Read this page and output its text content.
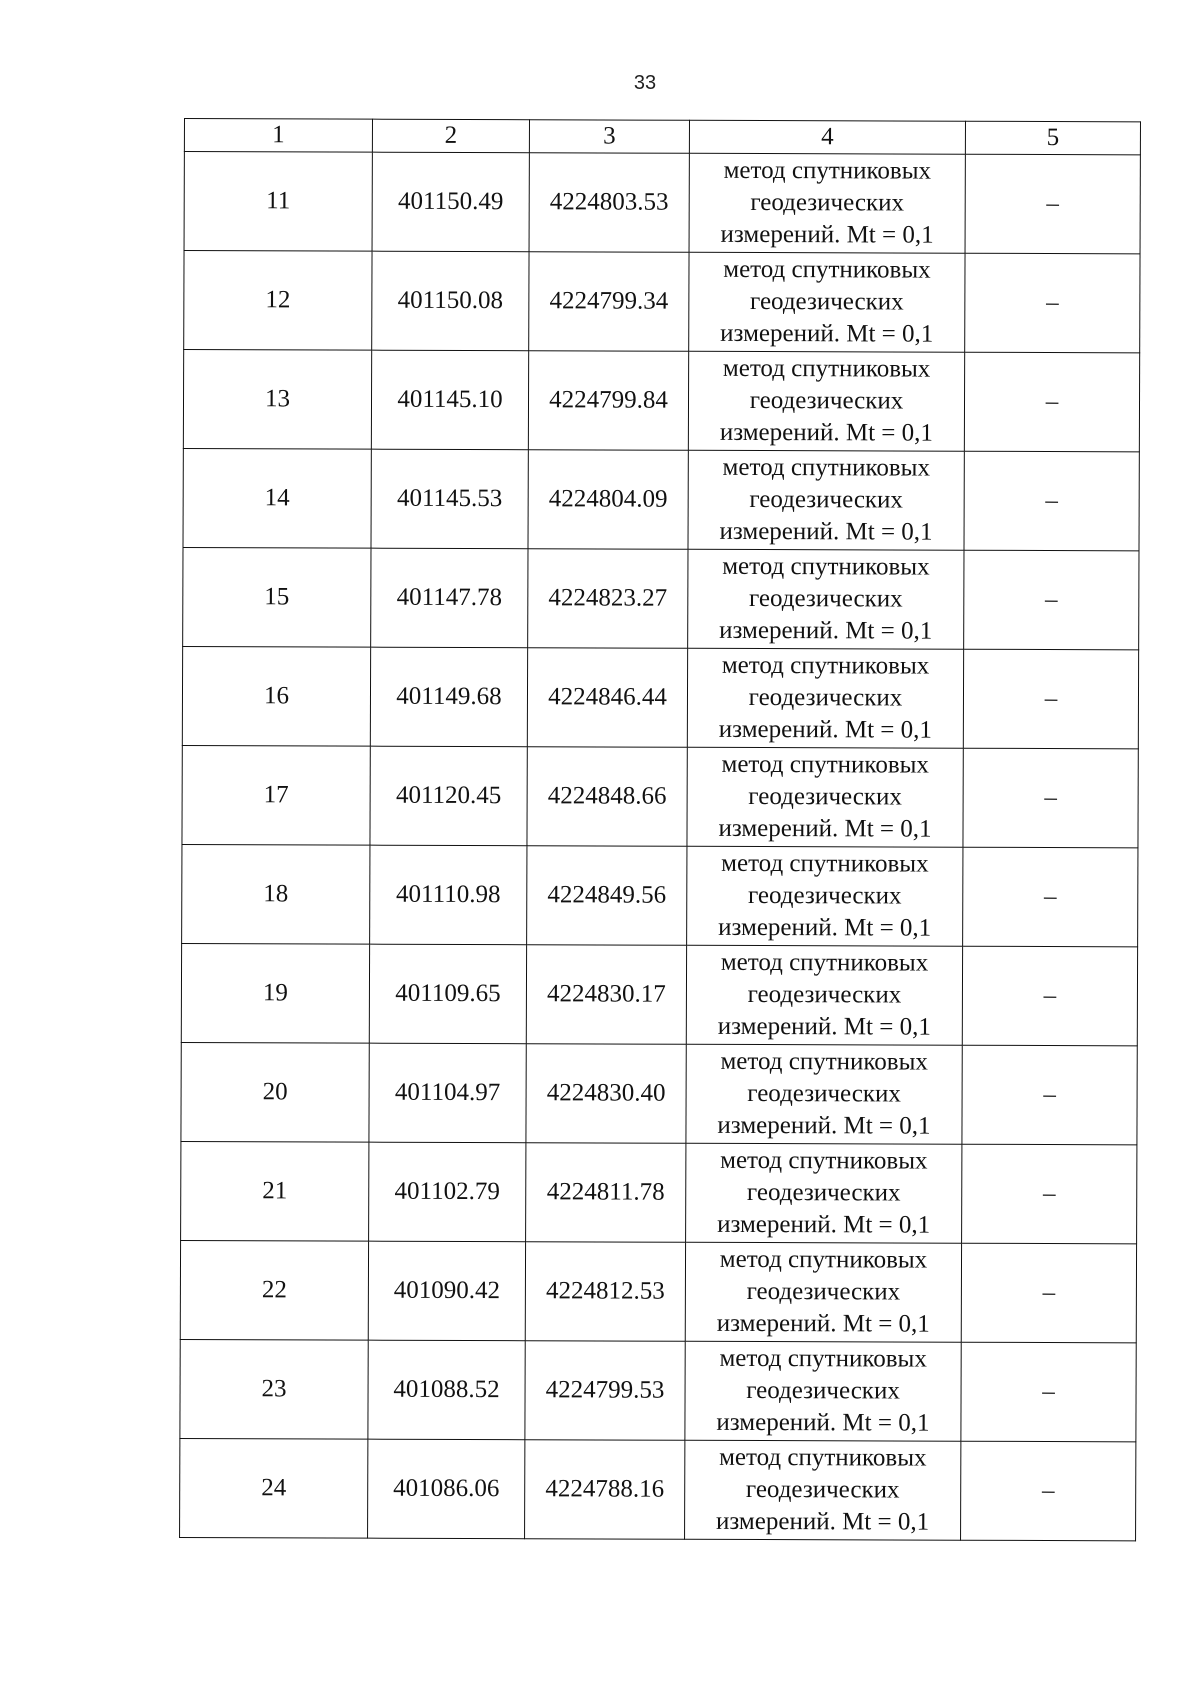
33
1	2	3	4	5
11	401150.49	4224803.53	метод спутниковых
геодезических
измерений. Mt = 0,1	–
12	401150.08	4224799.34	метод спутниковых
геодезических
измерений. Mt = 0,1	–
13	401145.10	4224799.84	метод спутниковых
геодезических
измерений. Mt = 0,1	–
14	401145.53	4224804.09	метод спутниковых
геодезических
измерений. Mt = 0,1	–
15	401147.78	4224823.27	метод спутниковых
геодезических
измерений. Mt = 0,1	–
16	401149.68	4224846.44	метод спутниковых
геодезических
измерений. Mt = 0,1	–
17	401120.45	4224848.66	метод спутниковых
геодезических
измерений. Mt = 0,1	–
18	401110.98	4224849.56	метод спутниковых
геодезических
измерений. Mt = 0,1	–
19	401109.65	4224830.17	метод спутниковых
геодезических
измерений. Mt = 0,1	–
20	401104.97	4224830.40	метод спутниковых
геодезических
измерений. Mt = 0,1	–
21	401102.79	4224811.78	метод спутниковых
геодезических
измерений. Mt = 0,1	–
22	401090.42	4224812.53	метод спутниковых
геодезических
измерений. Mt = 0,1	–
23	401088.52	4224799.53	метод спутниковых
геодезических
измерений. Mt = 0,1	–
24	401086.06	4224788.16	метод спутниковых
геодезических
измерений. Mt = 0,1	–
